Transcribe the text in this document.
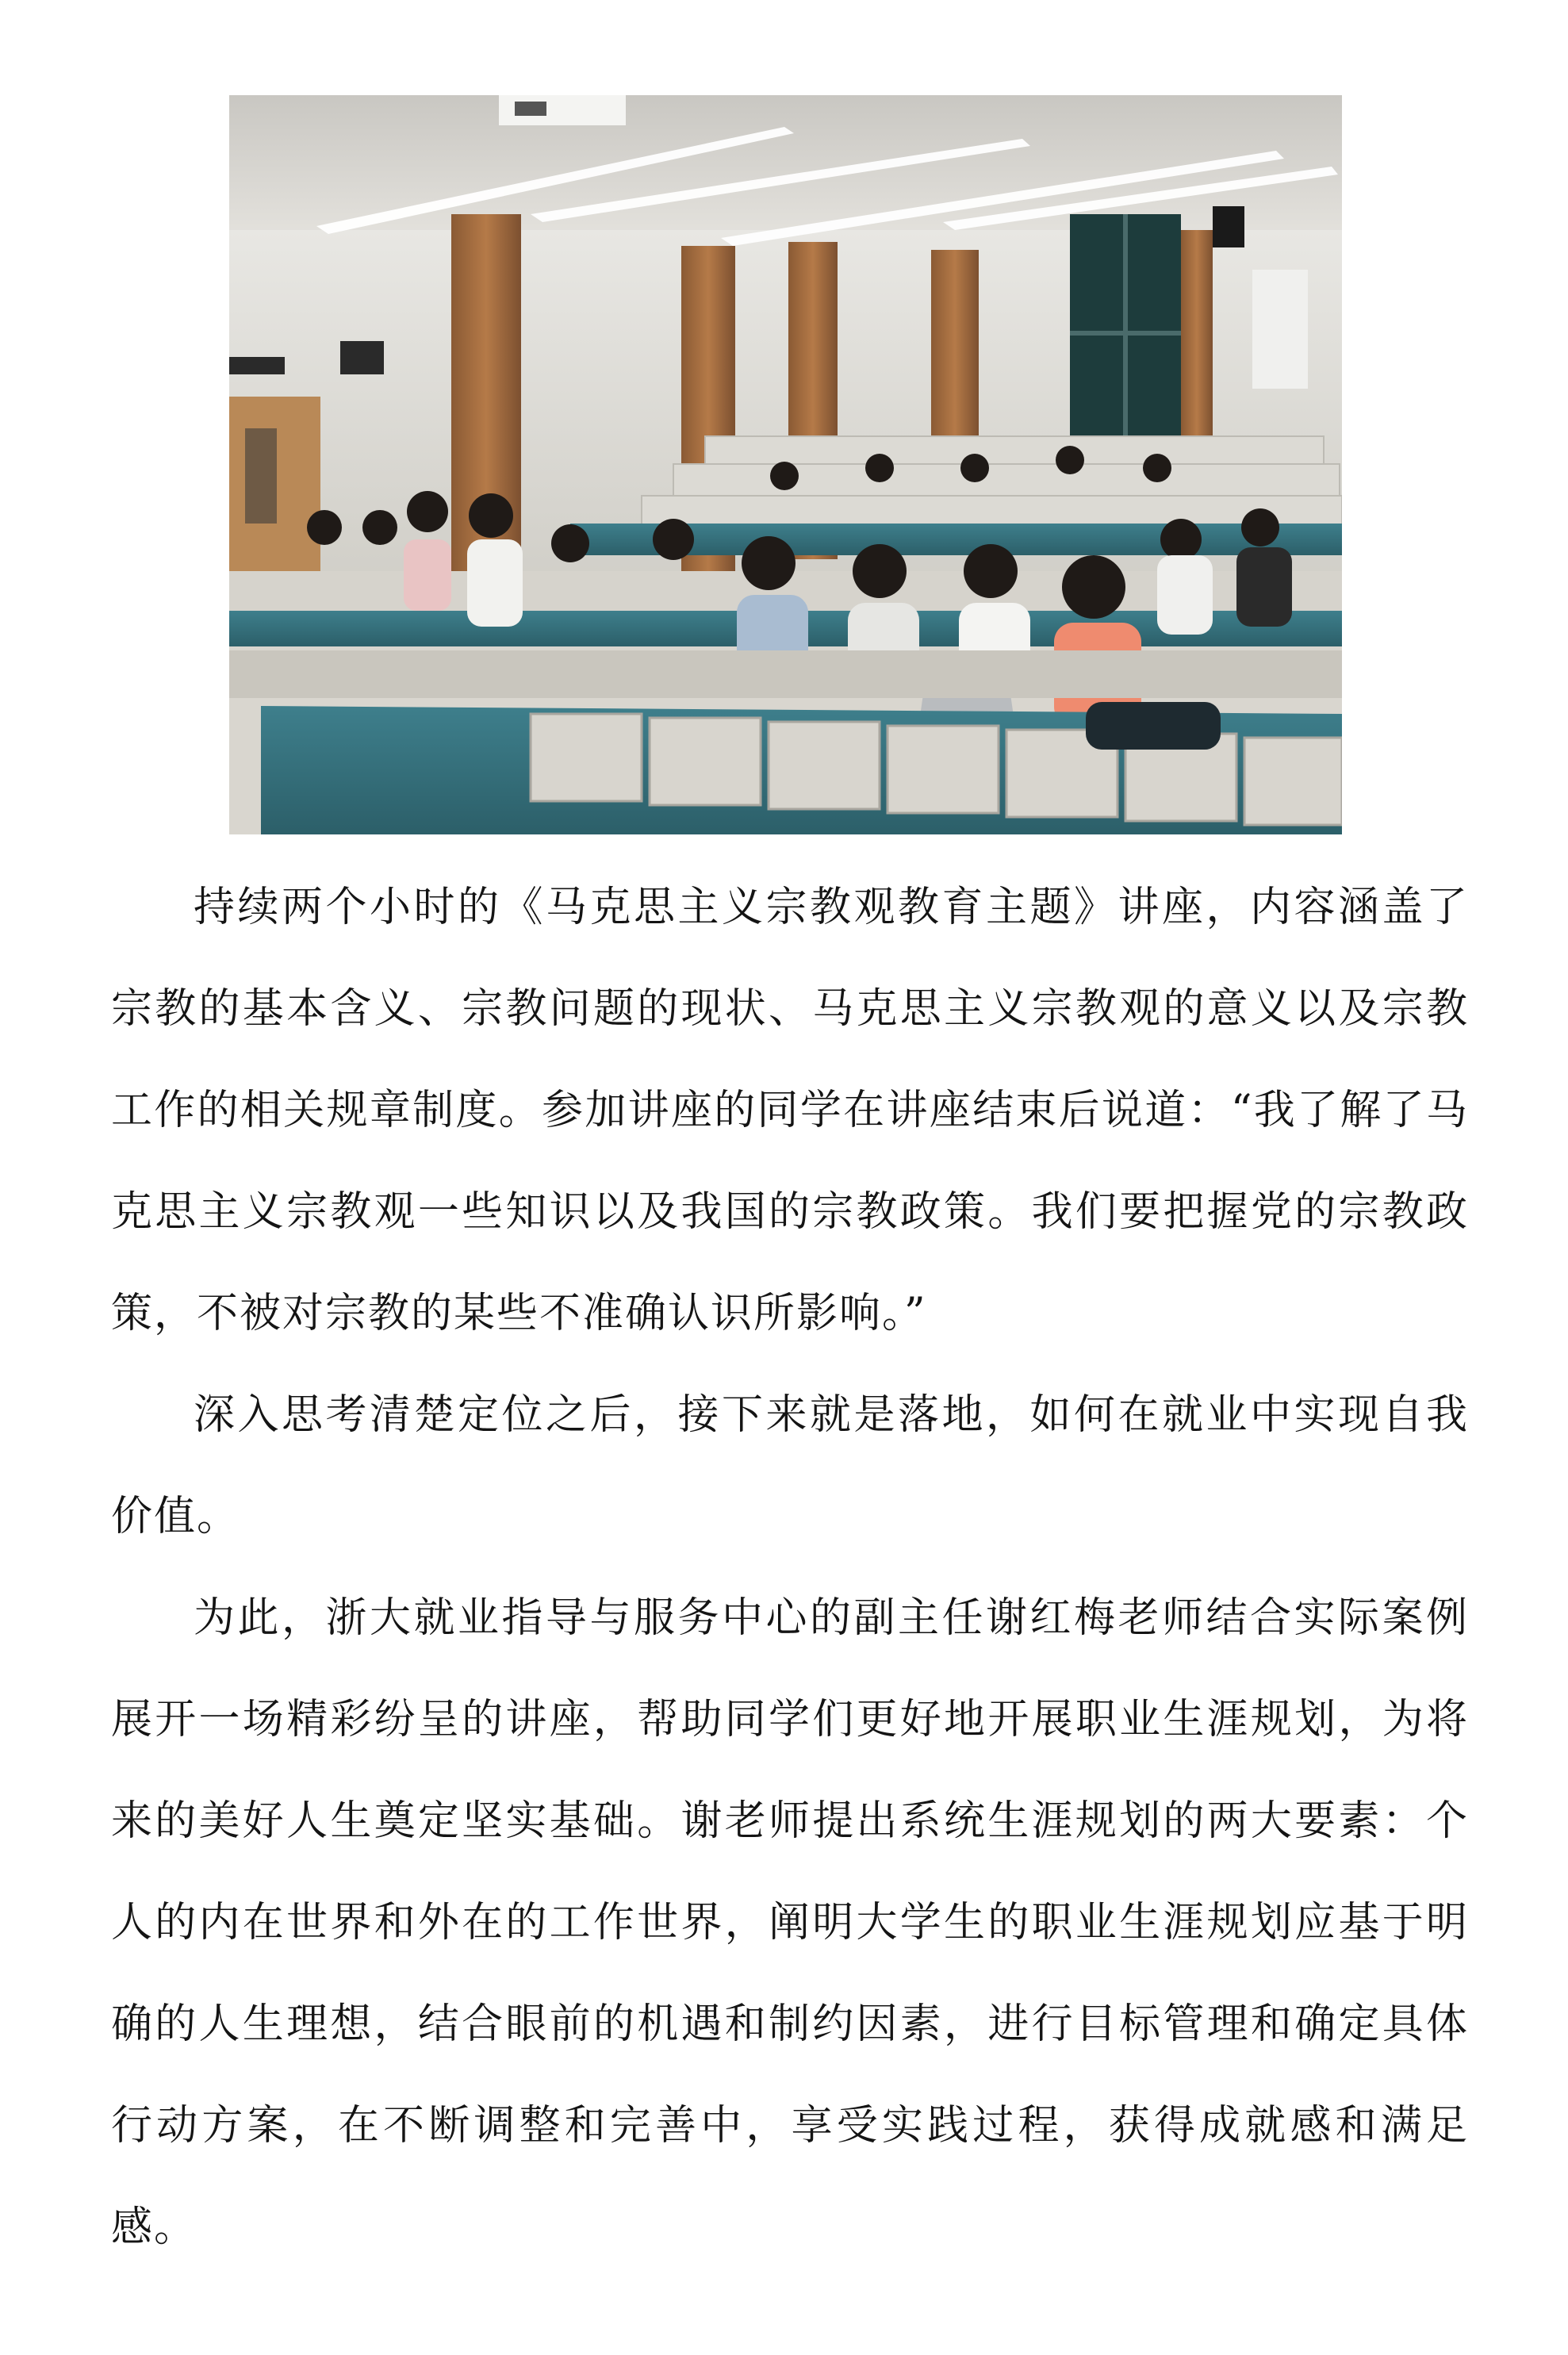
持续两个小时的《马克思主义宗教观教育主题》讲座，内容涵盖了宗教的基本含义、宗教问题的现状、马克思主义宗教观的意义以及宗教工作的相关规章制度。参加讲座的同学在讲座结束后说道：“我了解了马克思主义宗教观一些知识以及我国的宗教政策。我们要把握党的宗教政策，不被对宗教的某些不准确认识所影响。”

深入思考清楚定位之后，接下来就是落地，如何在就业中实现自我价值。

为此，浙大就业指导与服务中心的副主任谢红梅老师结合实际案例展开一场精彩纷呈的讲座，帮助同学们更好地开展职业生涯规划，为将来的美好人生奠定坚实基础。谢老师提出系统生涯规划的两大要素：个人的内在世界和外在的工作世界，阐明大学生的职业生涯规划应基于明确的人生理想，结合眼前的机遇和制约因素，进行目标管理和确定具体行动方案，在不断调整和完善中，享受实践过程，获得成就感和满足感。
